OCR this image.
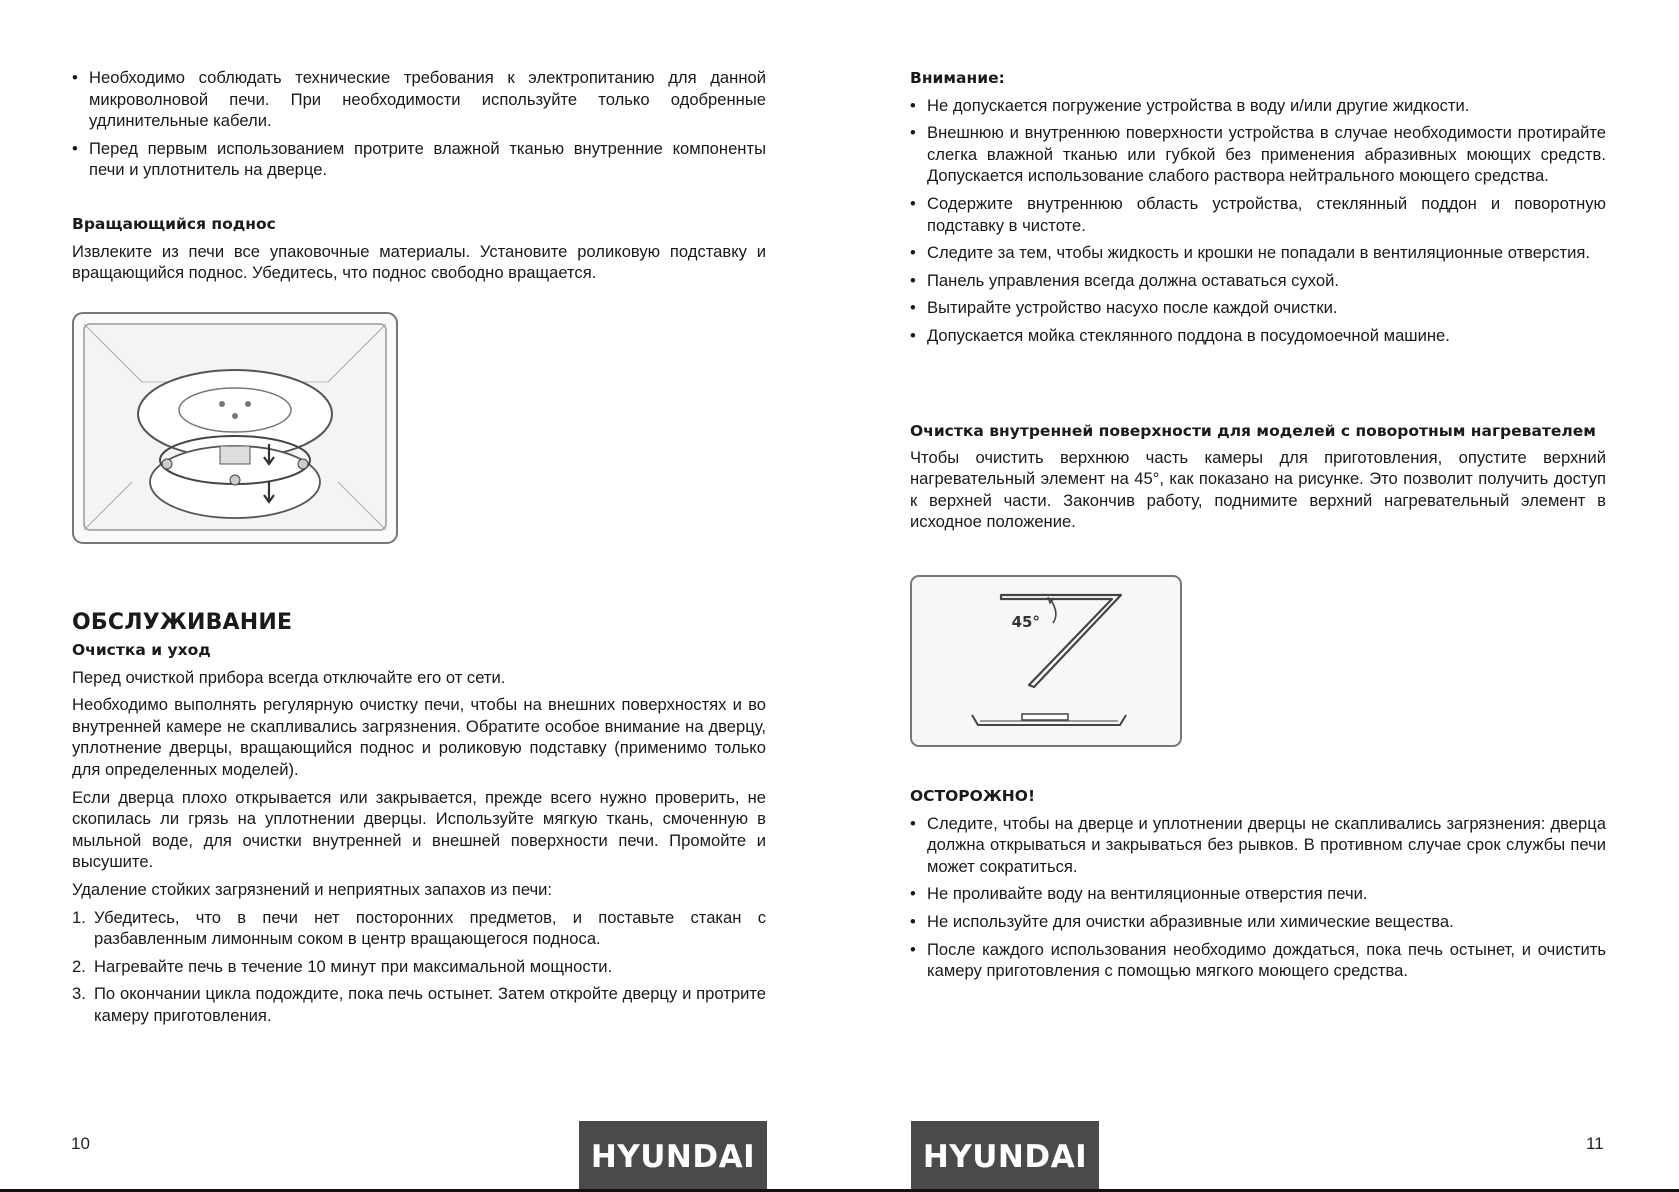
• Необходимо соблюдать технические требования к электропитанию для данной микроволновой печи. При необходимости используйте только одобренные удлинительные кабели.
• Перед первым использованием протрите влажной тканью внутренние компоненты печи и уплотнитель на дверце.

Вращающийся поднос

Извлеките из печи все упаковочные материалы. Установите роликовую подставку и вращающийся поднос. Убедитесь, что поднос свободно вращается.

ОБСЛУЖИВАНИЕ

Очистка и уход

Перед очисткой прибора всегда отключайте его от сети.

Необходимо выполнять регулярную очистку печи, чтобы на внешних поверхностях и во внутренней камере не скапливались загрязнения. Обратите особое внимание на дверцу, уплотнение дверцы, вращающийся поднос и роликовую подставку (применимо только для определенных моделей).

Если дверца плохо открывается или закрывается, прежде всего нужно проверить, не скопилась ли грязь на уплотнении дверцы. Используйте мягкую ткань, смоченную в мыльной воде, для очистки внутренней и внешней поверхности печи. Промойте и высушите.

Удаление стойких загрязнений и неприятных запахов из печи:

1. Убедитесь, что в печи нет посторонних предметов, и поставьте стакан с разбавленным лимонным соком в центр вращающегося подноса.
2. Нагревайте печь в течение 10 минут при максимальной мощности.
3. По окончании цикла подождите, пока печь остынет. Затем откройте дверцу и протрите камеру приготовления.
10	HYUNDAI

Внимание:

• Не допускается погружение устройства в воду и/или другие жидкости.
• Внешнюю и внутреннюю поверхности устройства в случае необходимости протирайте слегка влажной тканью или губкой без применения абразивных моющих средств. Допускается использование слабого раствора нейтрального моющего средства.
• Содержите внутреннюю область устройства, стеклянный поддон и поворотную подставку в чистоте.
• Следите за тем, чтобы жидкость и крошки не попадали в вентиляционные отверстия.
• Панель управления всегда должна оставаться сухой.
• Вытирайте устройство насухо после каждой очистки.
• Допускается мойка стеклянного поддона в посудомоечной машине.

Очистка внутренней поверхности для моделей с поворотным нагревателем

Чтобы очистить верхнюю часть камеры для приготовления, опустите верхний нагревательный элемент на 45°, как показано на рисунке. Это позволит получить доступ к верхней части. Закончив работу, поднимите верхний нагревательный элемент в исходное положение.

45°

ОСТОРОЖНО!

• Следите, чтобы на дверце и уплотнении дверцы не скапливались загрязнения: дверца должна открываться и закрываться без рывков. В противном случае срок службы печи может сократиться.
• Не проливайте воду на вентиляционные отверстия печи.
• Не используйте для очистки абразивные или химические вещества.
• После каждого использования необходимо дождаться, пока печь остынет, и очистить камеру приготовления с помощью мягкого моющего средства.
HYUNDAI	11
